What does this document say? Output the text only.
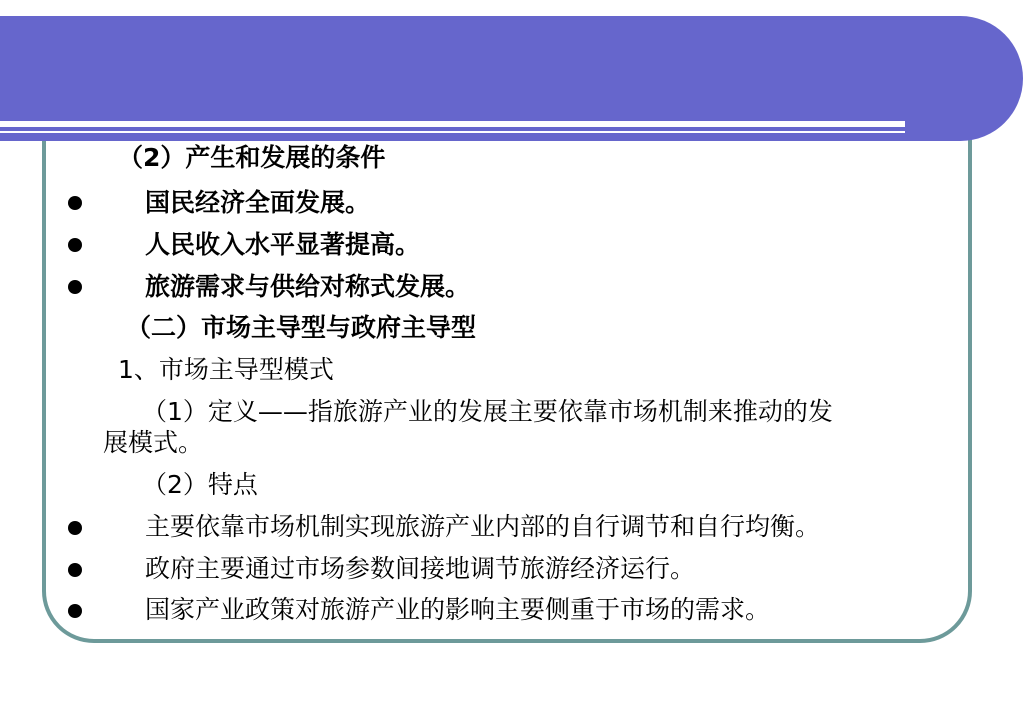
（2）产生和发展的条件
国民经济全面发展。
人民收入水平显著提高。
旅游需求与供给对称式发展。
（二）市场主导型与政府主导型
1、市场主导型模式
（1）定义——指旅游产业的发展主要依靠市场机制来推动的发
展模式。
（2）特点
主要依靠市场机制实现旅游产业内部的自行调节和自行均衡。
政府主要通过市场参数间接地调节旅游经济运行。
国家产业政策对旅游产业的影响主要侧重于市场的需求。
